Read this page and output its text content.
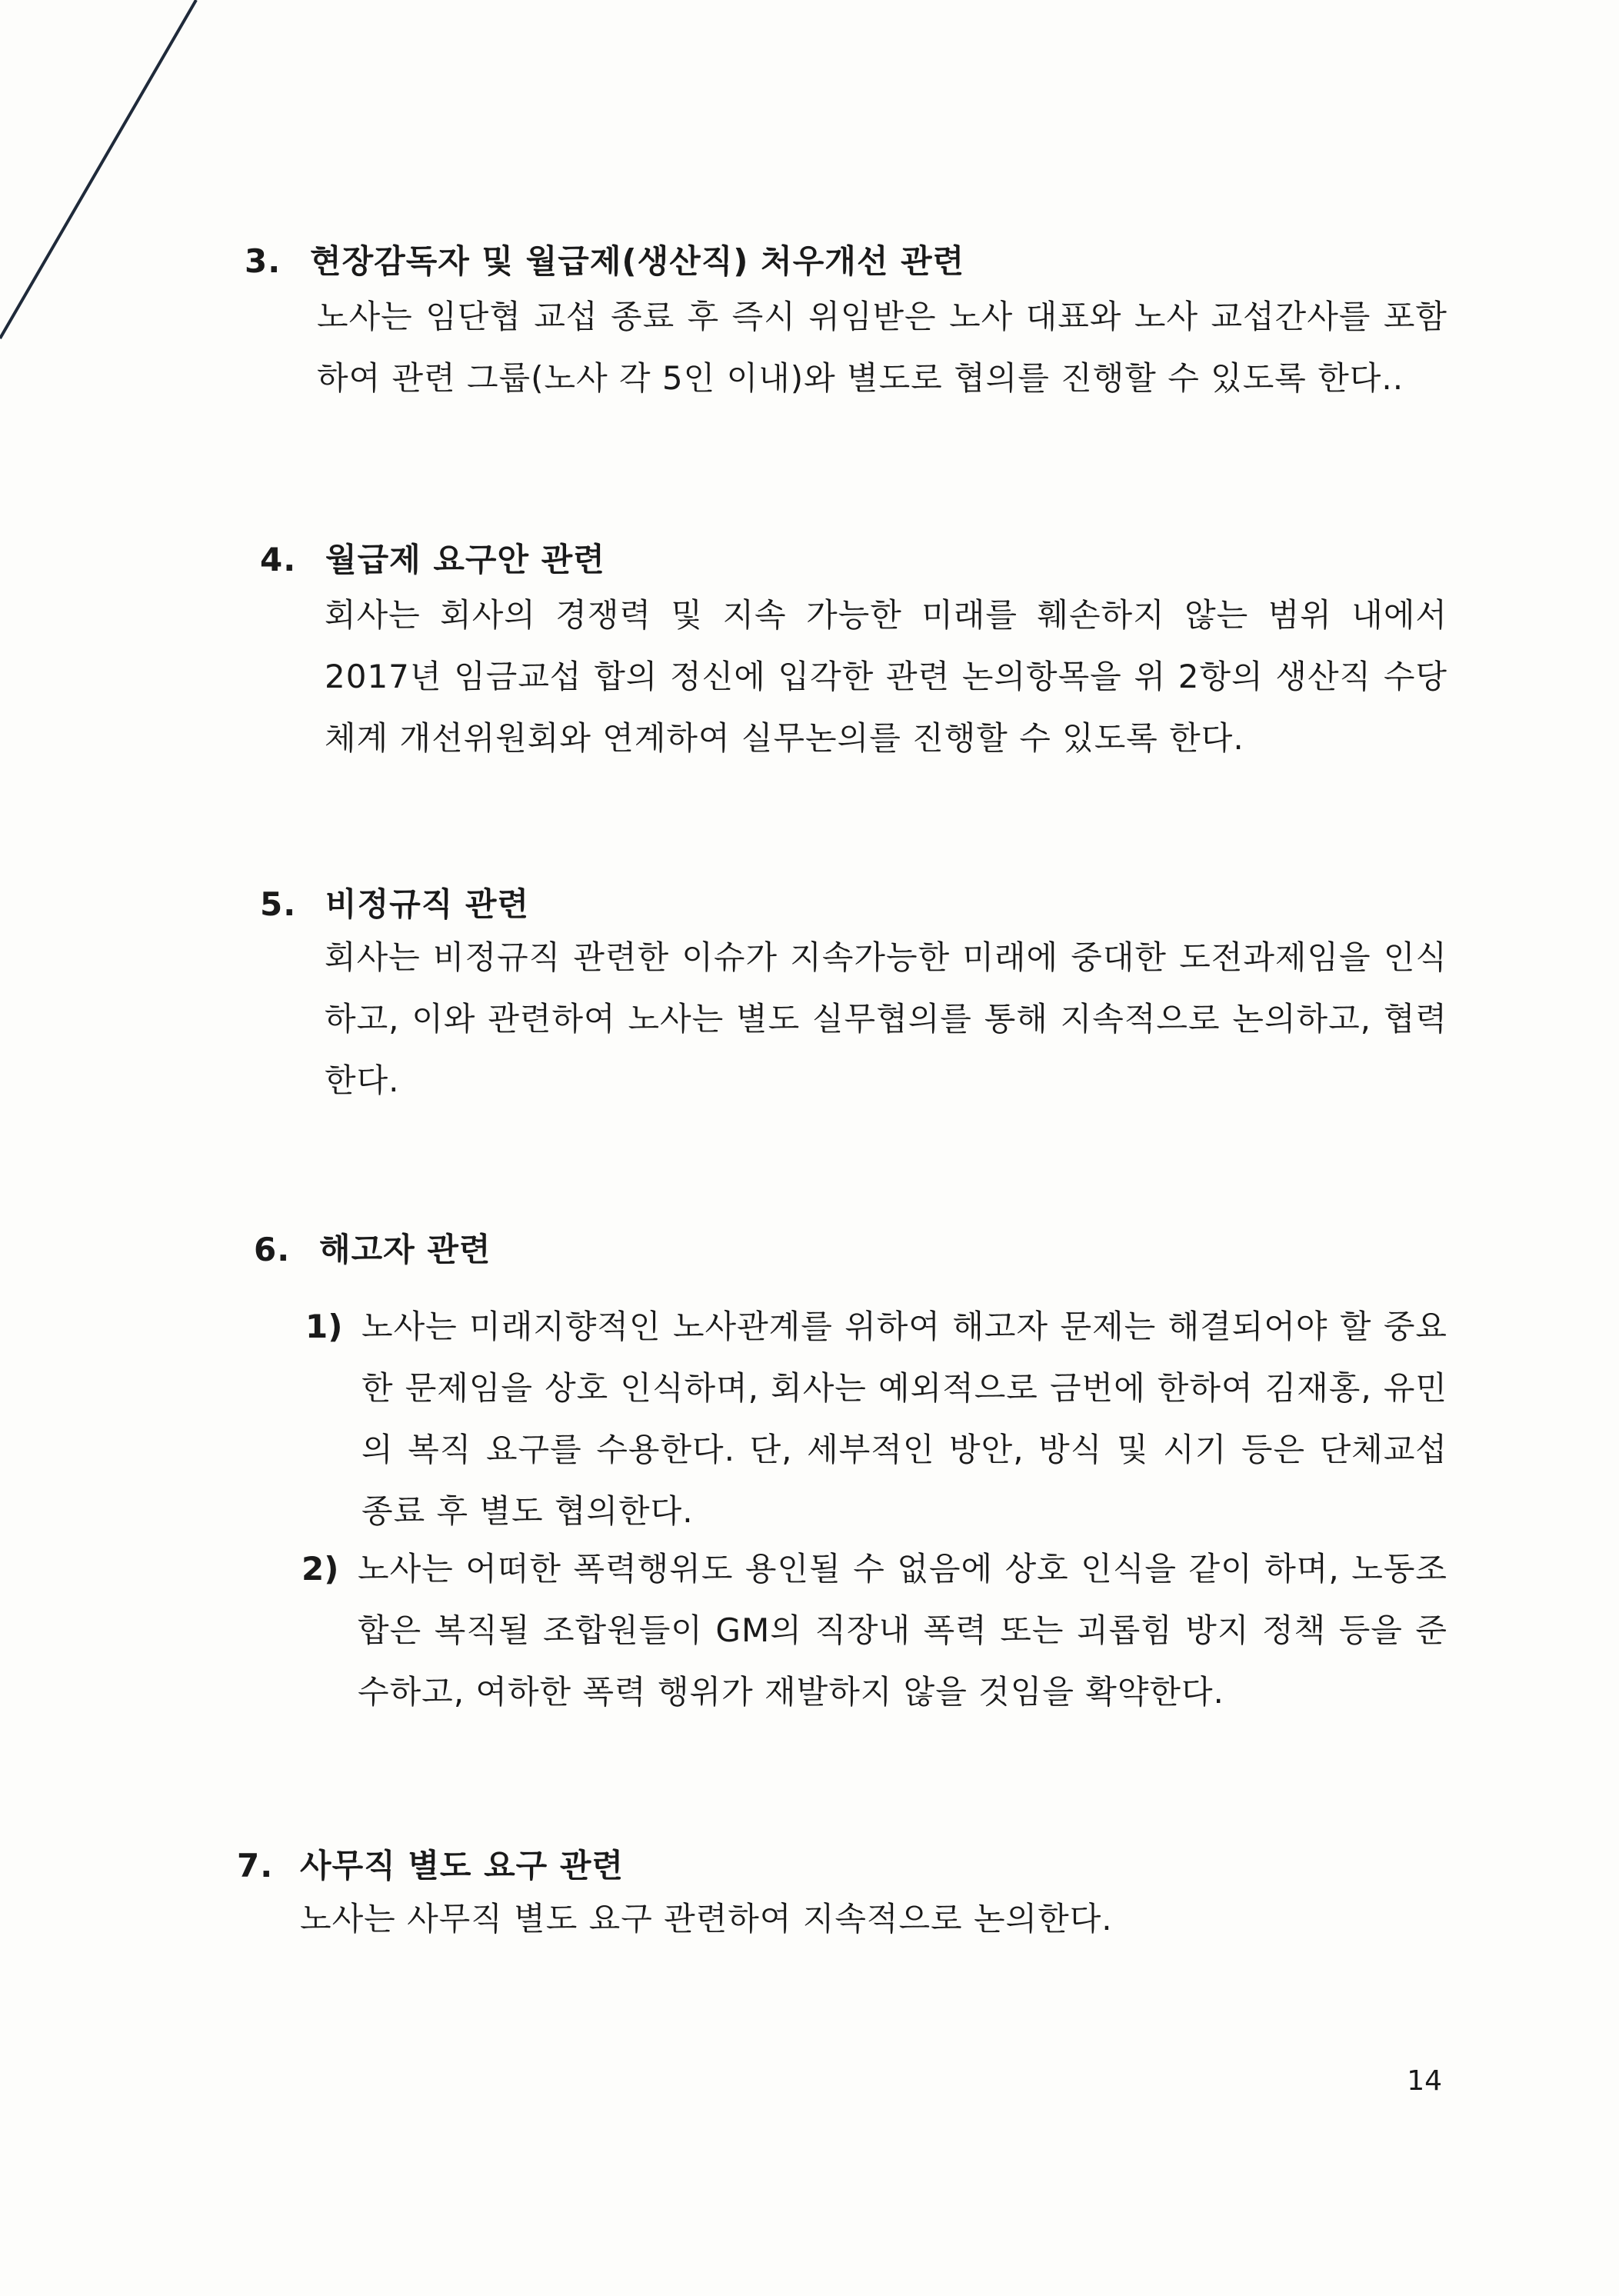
3. 현장감독자 및 월급제(생산직) 처우개선 관련
노사는 임단협 교섭 종료 후 즉시 위임받은 노사 대표와 노사 교섭간사를 포함하여 관련 그룹(노사 각 5인 이내)와 별도로 협의를 진행할 수 있도록 한다..
4. 월급제 요구안 관련
회사는 회사의 경쟁력 및 지속 가능한 미래를 훼손하지 않는 범위 내에서 2017년 임금교섭 합의 정신에 입각한 관련 논의항목을 위 2항의 생산직 수당체계 개선위원회와 연계하여 실무논의를 진행할 수 있도록 한다.
5. 비정규직 관련
회사는 비정규직 관련한 이슈가 지속가능한 미래에 중대한 도전과제임을 인식하고, 이와 관련하여 노사는 별도 실무협의를 통해 지속적으로 논의하고, 협력한다.
6. 해고자 관련
1) 노사는 미래지향적인 노사관계를 위하여 해고자 문제는 해결되어야 할 중요한 문제임을 상호 인식하며, 회사는 예외적으로 금번에 한하여 김재홍, 유민의 복직 요구를 수용한다. 단, 세부적인 방안, 방식 및 시기 등은 단체교섭 종료 후 별도 협의한다.
2) 노사는 어떠한 폭력행위도 용인될 수 없음에 상호 인식을 같이 하며, 노동조합은 복직될 조합원들이 GM의 직장내 폭력 또는 괴롭힘 방지 정책 등을 준수하고, 여하한 폭력 행위가 재발하지 않을 것임을 확약한다.
7. 사무직 별도 요구 관련
노사는 사무직 별도 요구 관련하여 지속적으로 논의한다.
14
